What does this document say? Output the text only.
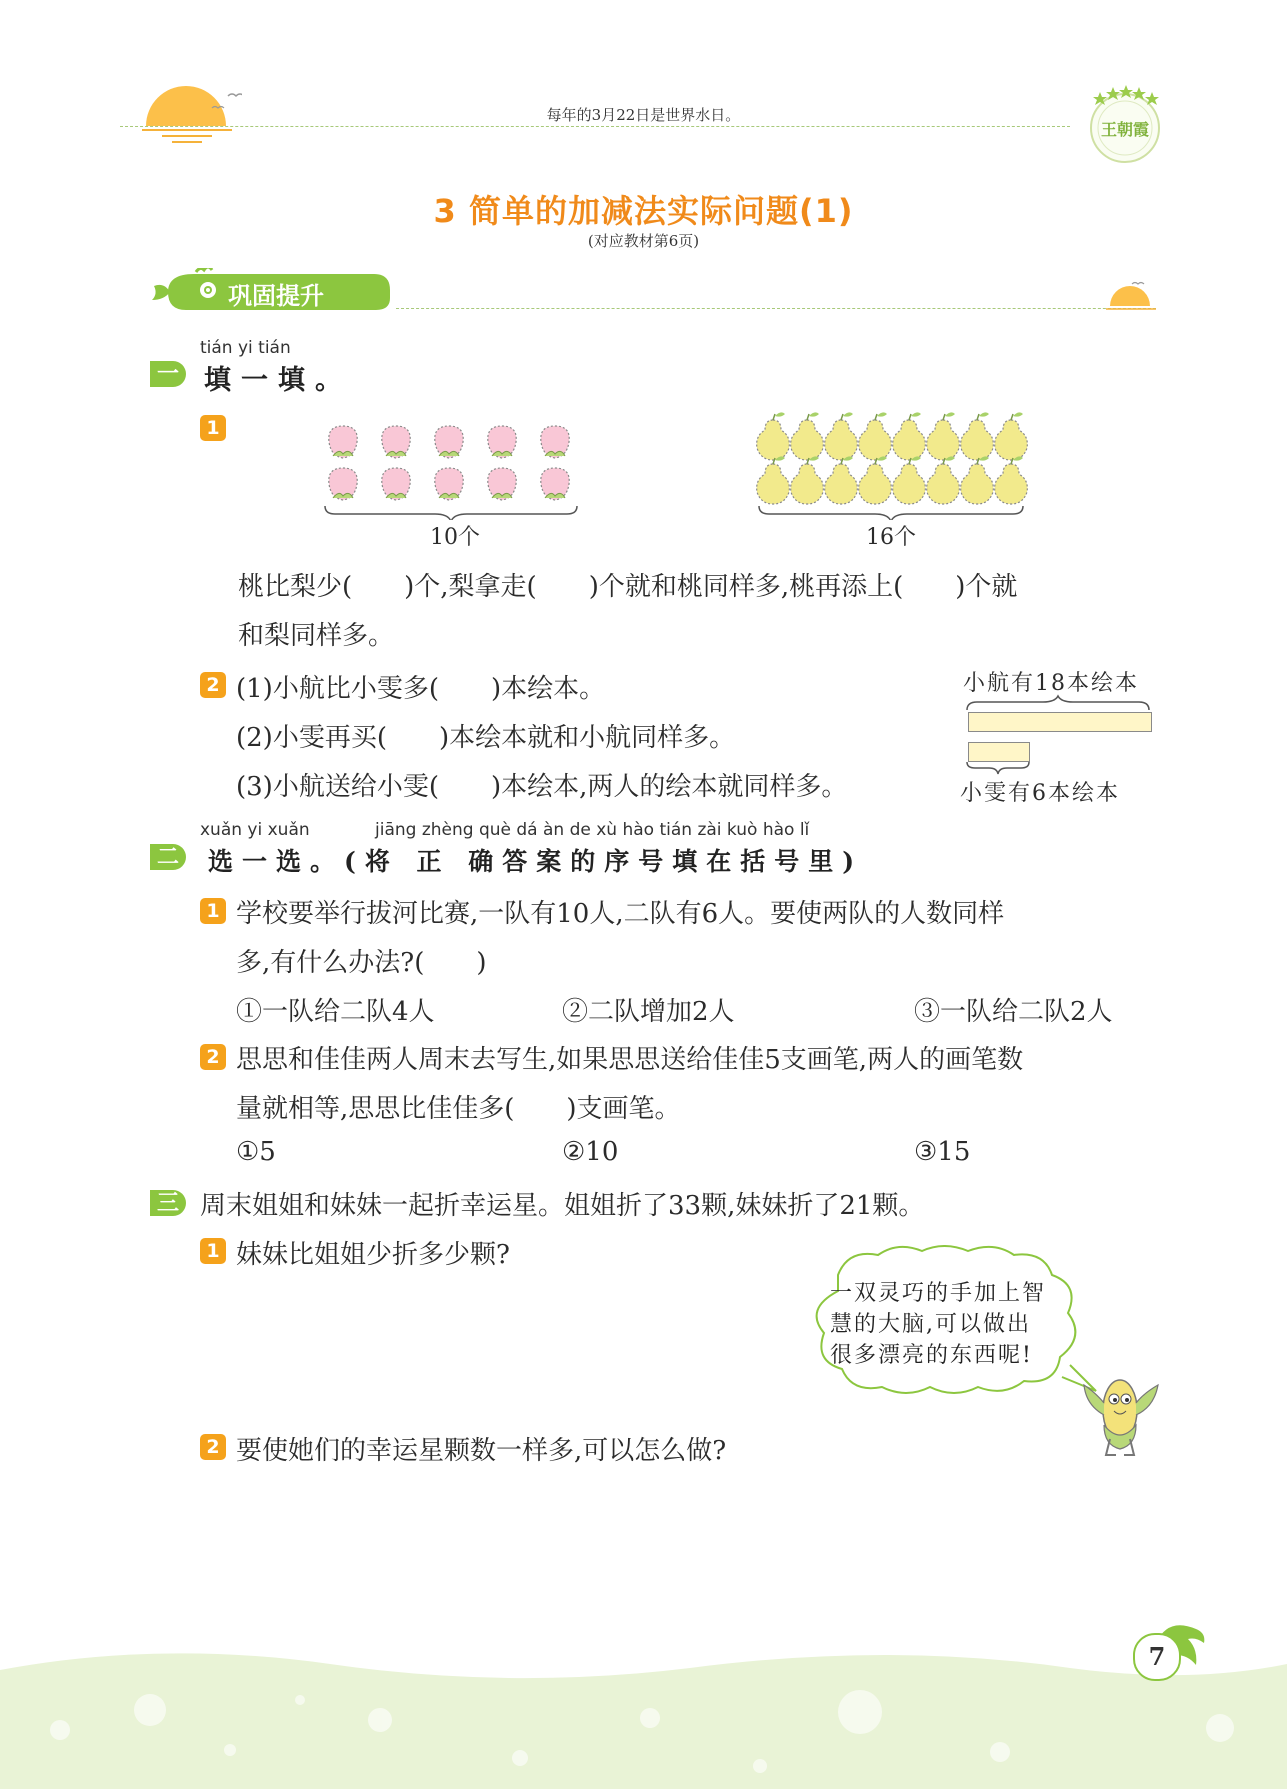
每年的3月22日是世界水日。
王朝霞
3 简单的加减法实际问题(1)
(对应教材第6页)
巩固提升
tián yi tián
一 填一填。
1
10个	16个
桃比梨少(　　)个,梨拿走(　　)个就和桃同样多,桃再添上(　　)个就
和梨同样多。
2 (1)小航比小雯多(　　)本绘本。
(2)小雯再买(　　)本绘本就和小航同样多。
(3)小航送给小雯(　　)本绘本,两人的绘本就同样多。
小航有18本绘本
小雯有6本绘本
xuǎn yi xuǎn	jiāng zhèng què dá àn de xù hào tián zài kuò hào lǐ
二 选一选。(将 正 确答案的序号填在括号里)
1 学校要举行拔河比赛,一队有10人,二队有6人。要使两队的人数同样
多,有什么办法?(　　)
①一队给二队4人	②二队增加2人	③一队给二队2人
2 思思和佳佳两人周末去写生,如果思思送给佳佳5支画笔,两人的画笔数
量就相等,思思比佳佳多(　　)支画笔。
①5	②10	③15
三 周末姐姐和妹妹一起折幸运星。姐姐折了33颗,妹妹折了21颗。
1 妹妹比姐姐少折多少颗?
一双灵巧的手加上智
慧的大脑,可以做出
很多漂亮的东西呢!
2 要使她们的幸运星颗数一样多,可以怎么做?
7
